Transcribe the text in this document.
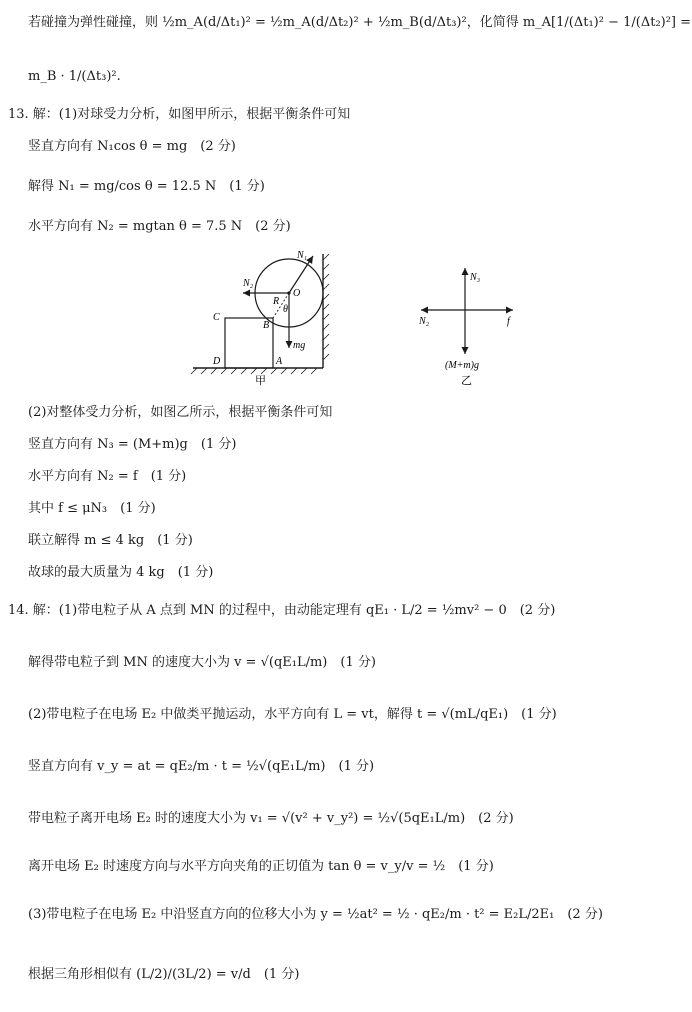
若碰撞为弹性碰撞，则 ½m_A(d/Δt₁)² = ½m_A(d/Δt₂)² + ½m_B(d/Δt₃)²，化简得 m_A[1/(Δt₁)² − 1/(Δt₂)²] =
m_B · 1/(Δt₃)².
13. 解：(1)对球受力分析，如图甲所示，根据平衡条件可知
竖直方向有 N₁cos θ = mg　(2 分)
解得 N₁ = mg/cos θ = 12.5 N　(1 分)
水平方向有 N₂ = mgtan θ = 7.5 N　(2 分)
N₁
N₂
O
R
θ
mg
C
B
D	A
甲
N₃
N₂	f
(M+m)g
乙
(2)对整体受力分析，如图乙所示，根据平衡条件可知
竖直方向有 N₃ = (M+m)g　(1 分)
水平方向有 N₂ = f　(1 分)
其中 f ≤ μN₃　(1 分)
联立解得 m ≤ 4 kg　(1 分)
故球的最大质量为 4 kg　(1 分)
14. 解：(1)带电粒子从 A 点到 MN 的过程中，由动能定理有 qE₁ · L/2 = ½mv² − 0　(2 分)
解得带电粒子到 MN 的速度大小为 v = √(qE₁L/m)　(1 分)
(2)带电粒子在电场 E₂ 中做类平抛运动，水平方向有 L = vt，解得 t = √(mL/qE₁)　(1 分)
竖直方向有 v_y = at = qE₂/m · t = ½√(qE₁L/m)　(1 分)
带电粒子离开电场 E₂ 时的速度大小为 v₁ = √(v² + v_y²) = ½√(5qE₁L/m)　(2 分)
离开电场 E₂ 时速度方向与水平方向夹角的正切值为 tan θ = v_y/v = ½　(1 分)
(3)带电粒子在电场 E₂ 中沿竖直方向的位移大小为 y = ½at² = ½ · qE₂/m · t² = E₂L/2E₁　(2 分)
根据三角形相似有 (L/2)/(3L/2) = v/d　(1 分)
